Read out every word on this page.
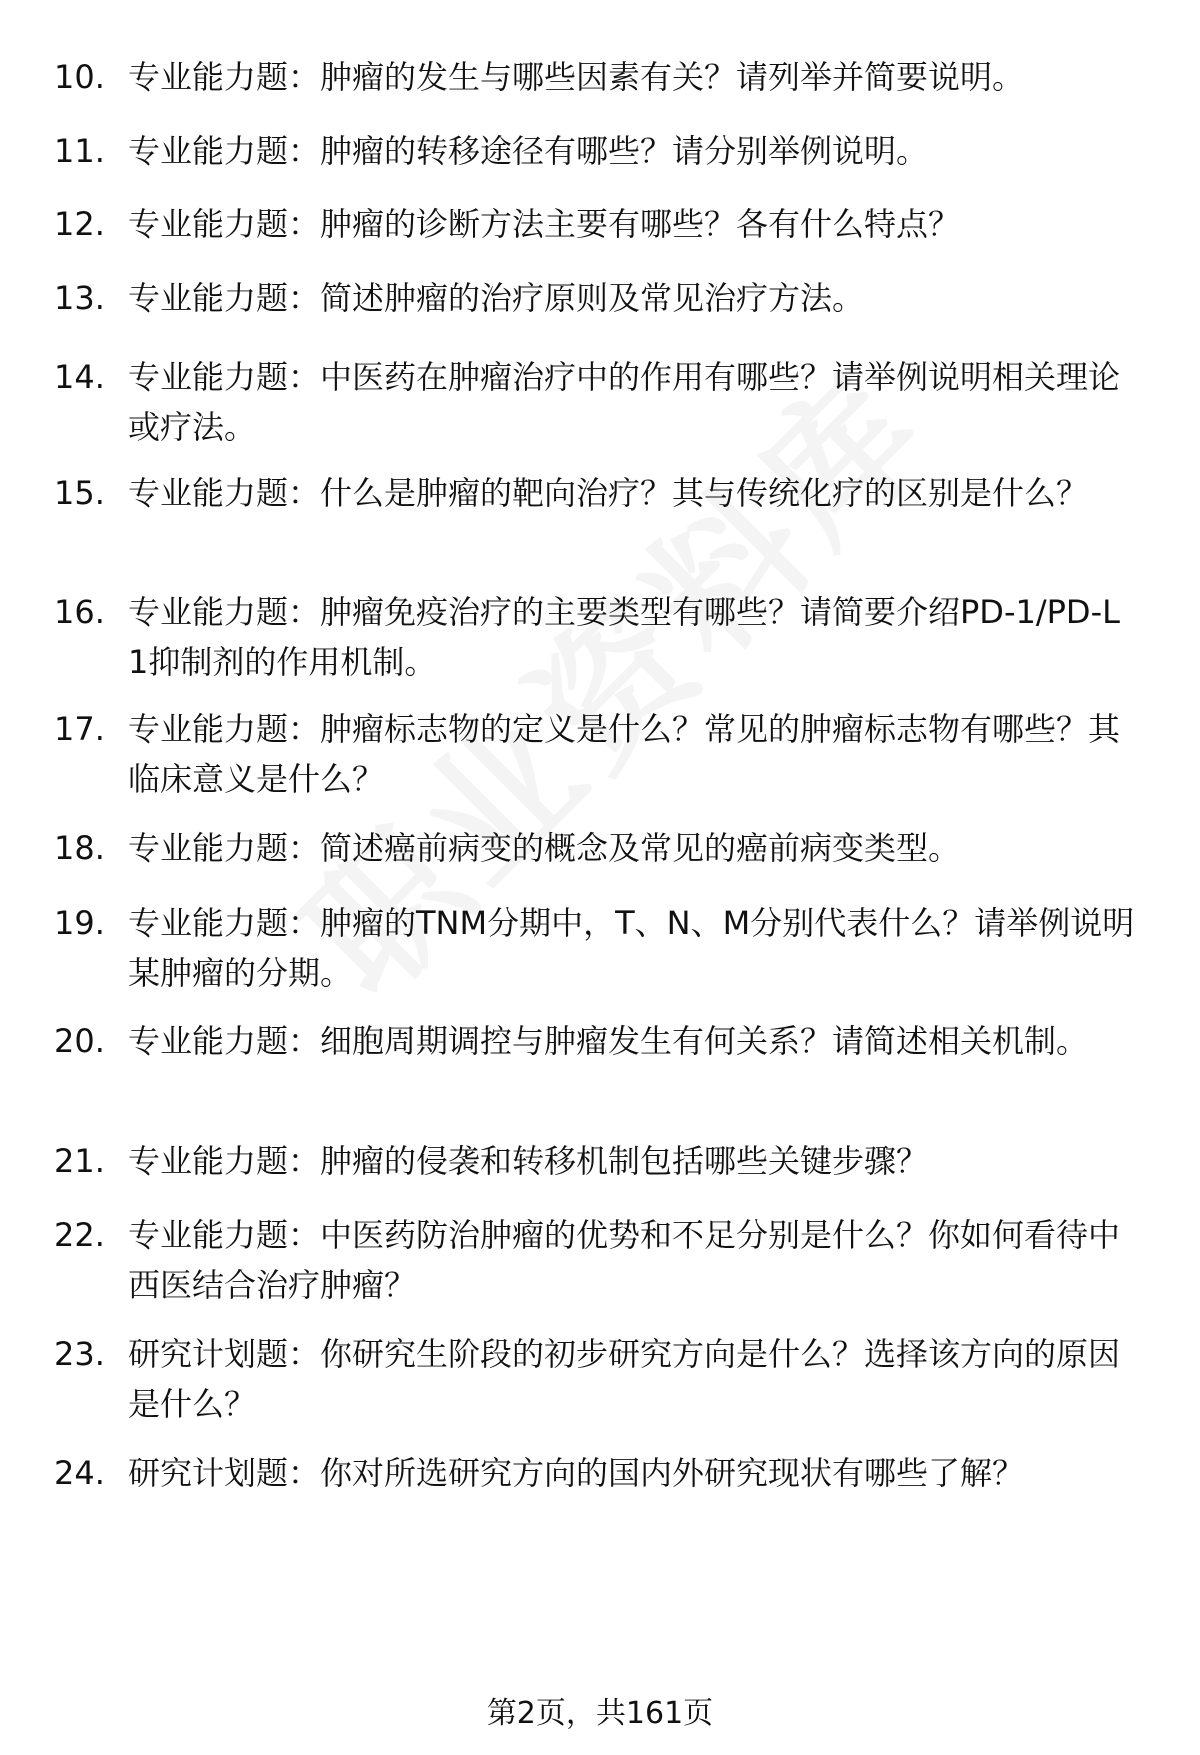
10. 专业能力题：肿瘤的发生与哪些因素有关？请列举并简要说明。

11. 专业能力题：肿瘤的转移途径有哪些？请分别举例说明。

12. 专业能力题：肿瘤的诊断方法主要有哪些？各有什么特点？

13. 专业能力题：简述肿瘤的治疗原则及常见治疗方法。

14. 专业能力题：中医药在肿瘤治疗中的作用有哪些？请举例说明相关理论或疗法。

15. 专业能力题：什么是肿瘤的靶向治疗？其与传统化疗的区别是什么？

16. 专业能力题：肿瘤免疫治疗的主要类型有哪些？请简要介绍PD-1/PD-L1抑制剂的作用机制。

17. 专业能力题：肿瘤标志物的定义是什么？常见的肿瘤标志物有哪些？其临床意义是什么？

18. 专业能力题：简述癌前病变的概念及常见的癌前病变类型。

19. 专业能力题：肿瘤的TNM分期中，T、N、M分别代表什么？请举例说明某肿瘤的分期。

20. 专业能力题：细胞周期调控与肿瘤发生有何关系？请简述相关机制。

21. 专业能力题：肿瘤的侵袭和转移机制包括哪些关键步骤？

22. 专业能力题：中医药防治肿瘤的优势和不足分别是什么？你如何看待中西医结合治疗肿瘤？

23. 研究计划题：你研究生阶段的初步研究方向是什么？选择该方向的原因是什么？

24. 研究计划题：你对所选研究方向的国内外研究现状有哪些了解？

第2页，共161页
